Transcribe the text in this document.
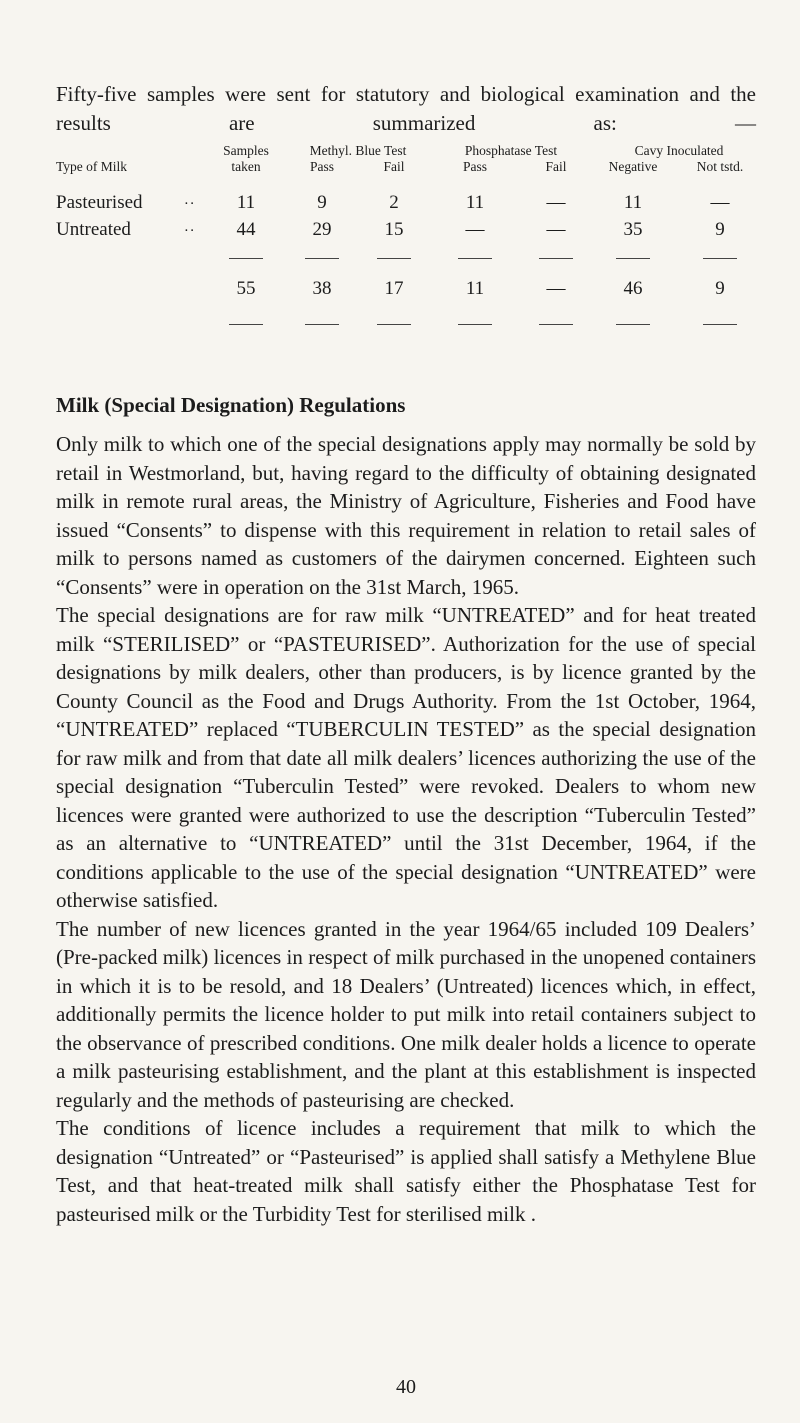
Fifty-five samples were sent for statutory and biological examination and the results are summarized as: —

	Samples	Methyl. Blue Test		Phosphatase Test		Cavy Inoculated	
Type of Milk	taken	Pass	Fail	Pass	Fail	Negative	Not tstd.
Pasteurised ..	11	9	2	11	—	11	—
Untreated ..	44	29	15	—	—	35	9

	55	38	17	11	—	46	9

Milk (Special Designation) Regulations

Only milk to which one of the special designations apply may normally be sold by retail in Westmorland, but, having regard to the difficulty of obtaining designated milk in remote rural areas, the Ministry of Agriculture, Fisheries and Food have issued “Consents” to dispense with this requirement in relation to retail sales of milk to persons named as customers of the dairymen concerned. Eighteen such “Consents” were in operation on the 31st March, 1965.

The special designations are for raw milk “UNTREATED” and for heat treated milk “STERILISED” or “PASTEURISED”. Authorization for the use of special designations by milk dealers, other than producers, is by licence granted by the County Council as the Food and Drugs Authority. From the 1st October, 1964, “UNTREATED” replaced “TUBERCULIN TESTED” as the special designation for raw milk and from that date all milk dealers’ licences authorizing the use of the special designation “Tuberculin Tested” were revoked. Dealers to whom new licences were granted were authorized to use the description “Tuberculin Tested” as an alternative to “UNTREATED” until the 31st December, 1964, if the conditions applicable to the use of the special designation “UNTREATED” were otherwise satisfied.

The number of new licences granted in the year 1964/65 included 109 Dealers’ (Pre-packed milk) licences in respect of milk purchased in the unopened containers in which it is to be resold, and 18 Dealers’ (Untreated) licences which, in effect, additionally permits the licence holder to put milk into retail containers subject to the observance of prescribed conditions. One milk dealer holds a licence to operate a milk pasteurising establishment, and the plant at this establishment is inspected regularly and the methods of pasteurising are checked.

The conditions of licence includes a requirement that milk to which the designation “Untreated” or “Pasteurised” is applied shall satisfy a Methylene Blue Test, and that heat-treated milk shall satisfy either the Phosphatase Test for pasteurised milk or the Turbidity Test for sterilised milk .

40
